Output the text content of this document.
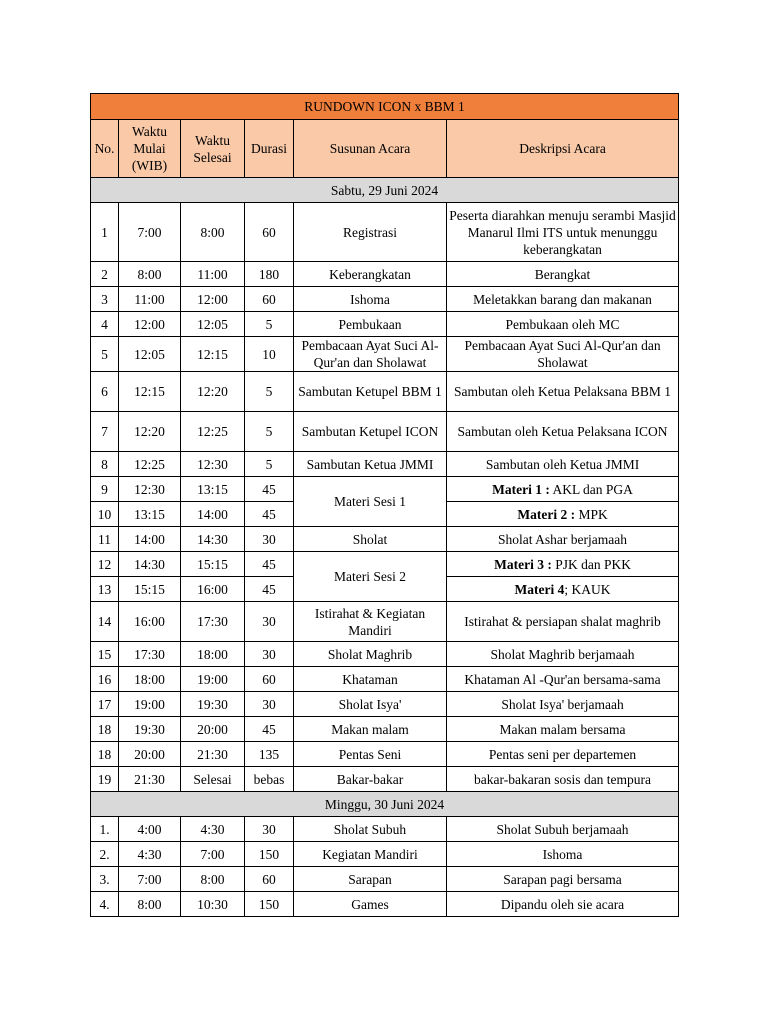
RUNDOWN ICON x BBM 1					
No.	Waktu Mulai (WIB)	Waktu Selesai	Durasi	Susunan Acara	Deskripsi Acara
Sabtu, 29 Juni 2024					
1	7:00	8:00	60	Registrasi	Peserta diarahkan menuju serambi Masjid Manarul Ilmi ITS untuk menunggu keberangkatan
2	8:00	11:00	180	Keberangkatan	Berangkat
3	11:00	12:00	60	Ishoma	Meletakkan barang dan makanan
4	12:00	12:05	5	Pembukaan	Pembukaan oleh MC
5	12:05	12:15	10	Pembacaan Ayat Suci Al-Qur'an dan Sholawat	Pembacaan Ayat Suci Al-Qur'an dan Sholawat
6	12:15	12:20	5	Sambutan Ketupel BBM 1	Sambutan oleh Ketua Pelaksana BBM 1
7	12:20	12:25	5	Sambutan Ketupel ICON	Sambutan oleh Ketua Pelaksana ICON
8	12:25	12:30	5	Sambutan Ketua JMMI	Sambutan oleh Ketua JMMI
9	12:30	13:15	45	Materi Sesi 1	Materi 1 : AKL dan PGA
10	13:15	14:00	45		Materi 2 : MPK
11	14:00	14:30	30	Sholat	Sholat Ashar berjamaah
12	14:30	15:15	45	Materi Sesi 2	Materi 3 : PJK dan PKK
13	15:15	16:00	45		Materi 4; KAUK
14	16:00	17:30	30	Istirahat & Kegiatan Mandiri	Istirahat & persiapan shalat maghrib
15	17:30	18:00	30	Sholat Maghrib	Sholat Maghrib berjamaah
16	18:00	19:00	60	Khataman	Khataman Al -Qur'an bersama-sama
17	19:00	19:30	30	Sholat Isya'	Sholat Isya' berjamaah
18	19:30	20:00	45	Makan malam	Makan malam bersama
18	20:00	21:30	135	Pentas Seni	Pentas seni per departemen
19	21:30	Selesai	bebas	Bakar-bakar	bakar-bakaran sosis dan tempura
Minggu, 30 Juni 2024					
1.	4:00	4:30	30	Sholat Subuh	Sholat Subuh berjamaah
2.	4:30	7:00	150	Kegiatan Mandiri	Ishoma
3.	7:00	8:00	60	Sarapan	Sarapan pagi bersama
4.	8:00	10:30	150	Games	Dipandu oleh sie acara
